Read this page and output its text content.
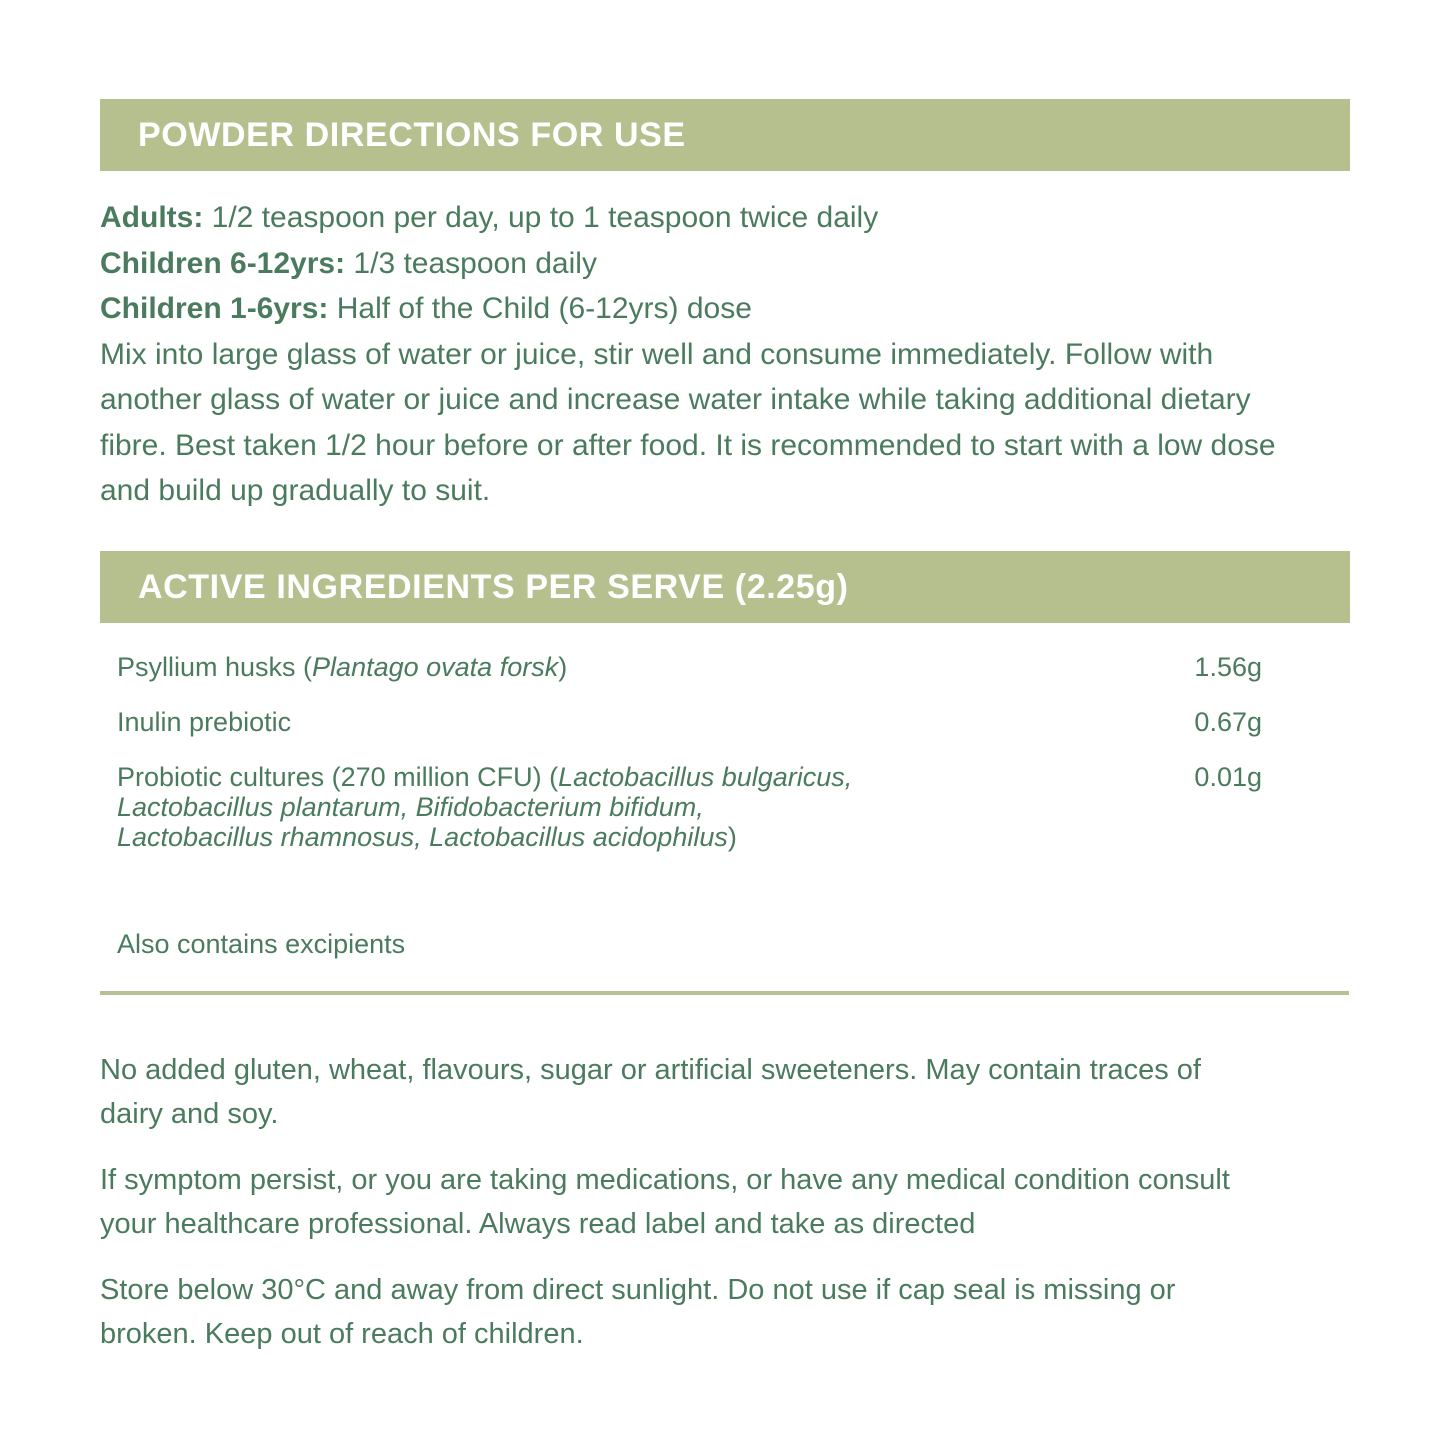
POWDER DIRECTIONS FOR USE
Adults: 1/2 teaspoon per day, up to 1 teaspoon twice daily
Children 6-12yrs: 1/3 teaspoon daily
Children 1-6yrs: Half of the Child (6-12yrs) dose
Mix into large glass of water or juice, stir well and consume immediately. Follow with another glass of water or juice and increase water intake while taking additional dietary fibre. Best taken 1/2 hour before or after food. It is recommended to start with a low dose and build up gradually to suit.
ACTIVE INGREDIENTS PER SERVE (2.25g)
Psyllium husks (Plantago ovata forsk)	1.56g
Inulin prebiotic	0.67g
Probiotic cultures (270 million CFU) (Lactobacillus bulgaricus,
Lactobacillus plantarum, Bifidobacterium bifidum,
Lactobacillus rhamnosus, Lactobacillus acidophilus)
0.01g
Also contains excipients
No added gluten, wheat, flavours, sugar or artificial sweeteners. May contain traces of dairy and soy.
If symptom persist, or you are taking medications, or have any medical condition consult your healthcare professional. Always read label and take as directed
Store below 30°C and away from direct sunlight. Do not use if cap seal is missing or broken. Keep out of reach of children.
